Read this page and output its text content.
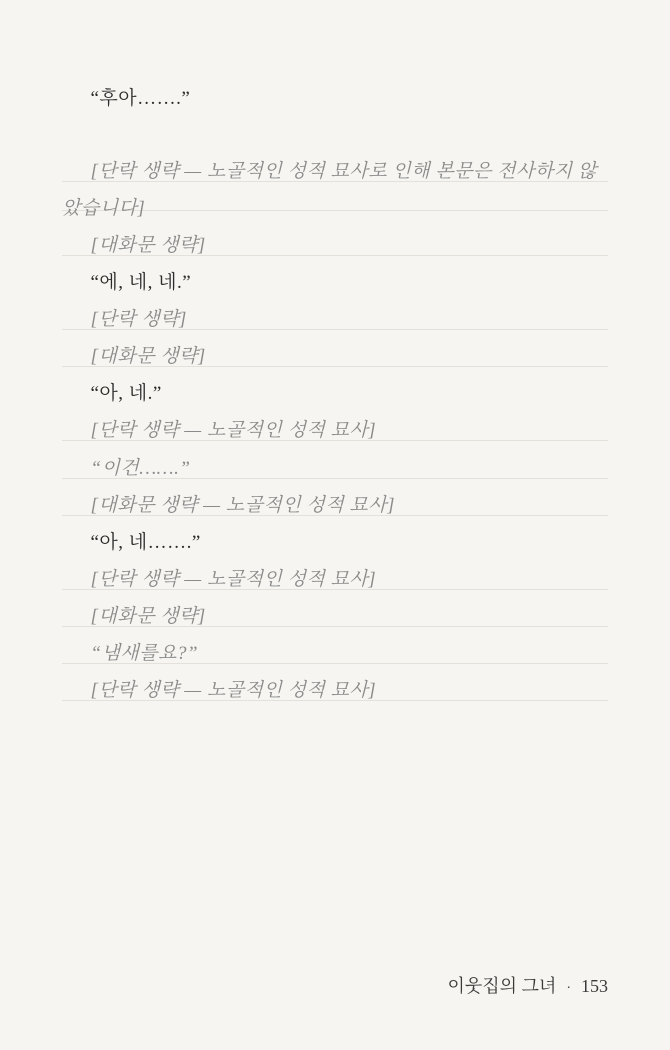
“후아…….”

[단락 생략 — 노골적인 성적 묘사로 인해 본문은 전사하지 않았습니다]

[대화문 생략]

“에, 네, 네.”

[단락 생략]

[대화문 생략]

“아, 네.”

[단락 생략 — 노골적인 성적 묘사]

“이건…….”

[대화문 생략 — 노골적인 성적 묘사]

“아, 네…….”

[단락 생략 — 노골적인 성적 묘사]

[대화문 생략]

“냄새를요?”

[단락 생략 — 노골적인 성적 묘사]

이웃집의 그녀 · 153
